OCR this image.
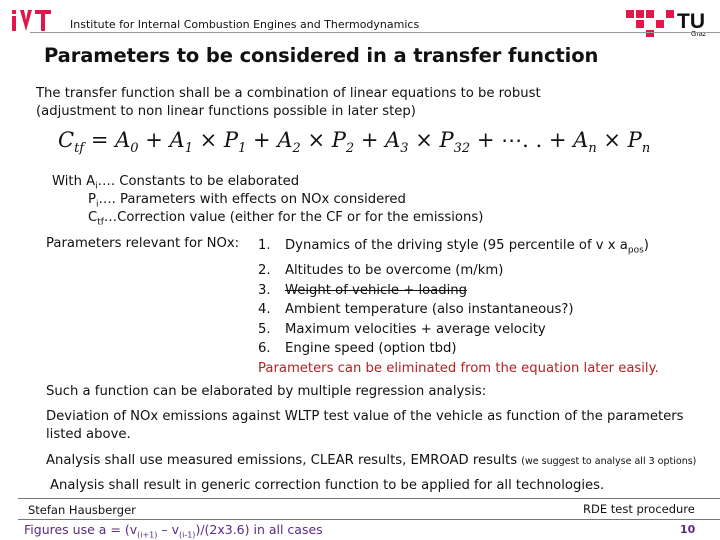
Institute for Internal Combustion Engines and Thermodynamics	TU
Graz
Parameters to be considered in a transfer function
The transfer function shall be a combination of linear equations to be robust
(adjustment to non linear functions possible in later step)
$C_{tf} = A_0 + A_1 \times P_1 + A_2 \times P_2 + A_3 \times P_{32}$ + ⋯. . + $A_n \times P_n$
With $A_i\dots$. Constants to be elaborated
$P_i\dots$. Parameters with effects on NOx considered
$C_{tf}\dots Correction$ value (either for the CF or for the emissions)
Parameters relevant for NOx: 1. Dynamics of the driving style (95 percentile of v x $a_{pos}$)
2. Altitudes to be overcome (m/km)
3. Weight of vehicle + loading
4. Ambient temperature (also instantaneous?)
5. Maximum velocities + average velocity
6. Engine speed (option tbd)
Parameters can be eliminated from the equation later easily.
Such a function can be elaborated by multiple regression analysis:
Deviation of NOx emissions against WLTP test value of the vehicle as function of the parameters
listed above.
Analysis shall use measured emissions, CLEAR results, EMROAD results (we suggest to analyse all 3 options)
Analysis shall result in generic correction function to be applied for all technologies.
Stefan Hausberger	RDE test procedure
Figures use $a = (v_{(i+1)} - v_{(i-1)})/(2x3.6)$ in all cases	10
